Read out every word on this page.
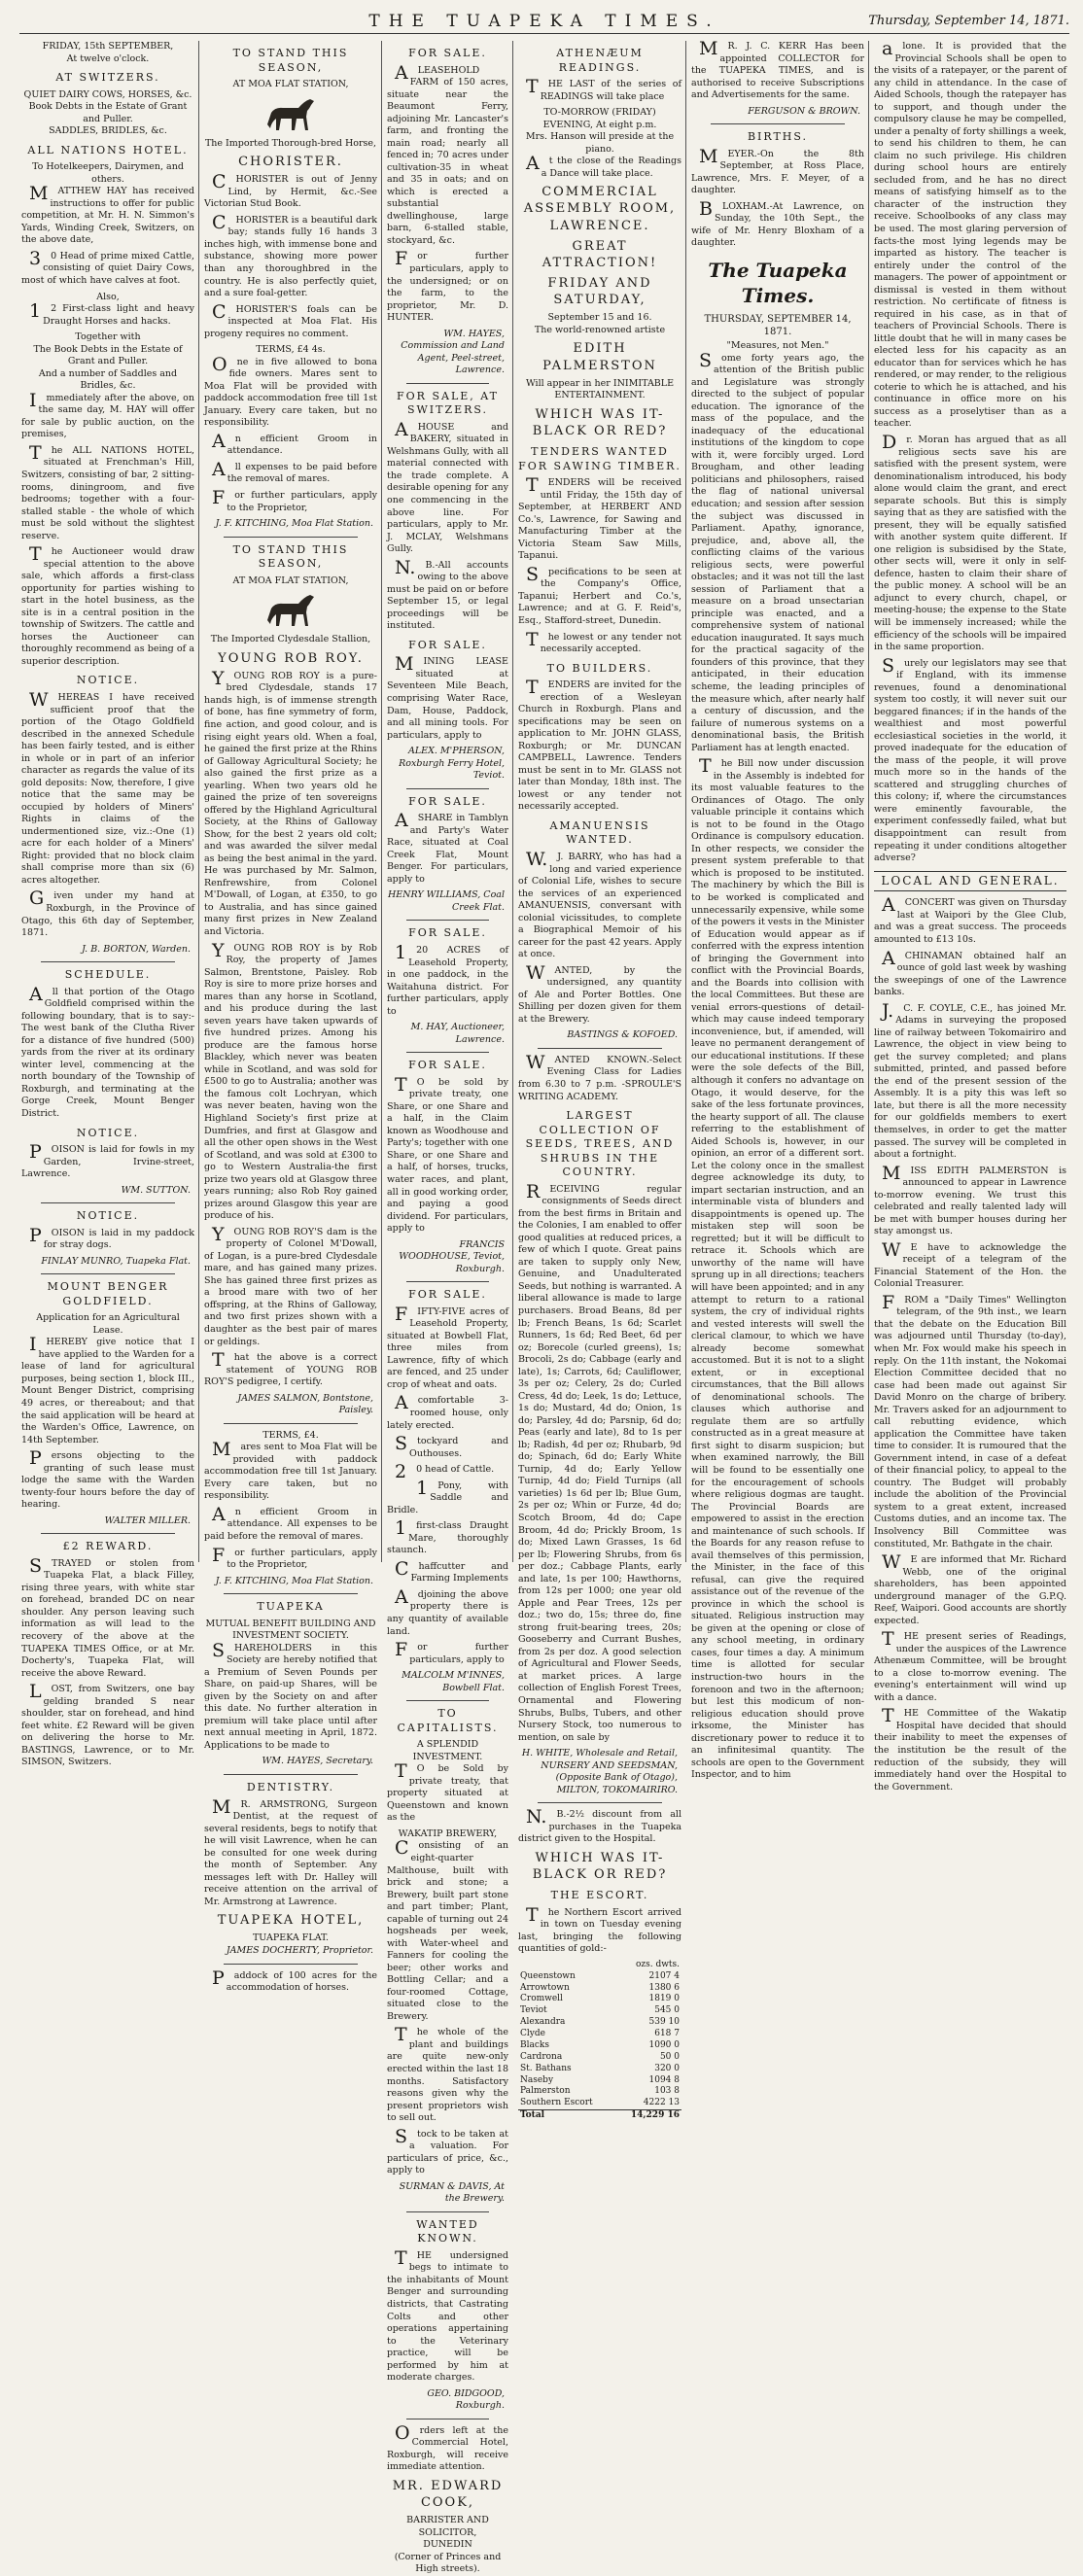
THE TUAPEKA TIMES.	Thursday, September 14, 1871.
FRIDAY, 15th SEPTEMBER,
At twelve o'clock.
AT SWITZERS.
QUIET DAIRY COWS, HORSES, &c.
Book Debts in the Estate of Grant and Puller.
SADDLES, BRIDLES, &c.
ALL NATIONS HOTEL.
To Hotelkeepers, Dairymen, and others.

MATTHEW HAY has received instructions to offer for public competition, at Mr. H. N. Simmon's Yards, Winding Creek, Switzers, on the above date,

30 Head of prime mixed Cattle, consisting of quiet Dairy Cows, most of which have calves at foot.

Also,

12 First-class light and heavy Draught Horses and hacks.

Together with
The Book Debts in the Estate of Grant and Puller.
And a number of Saddles and Bridles, &c.

Immediately after the above, on the same day, M. HAY will offer for sale by public auction, on the premises,

The ALL NATIONS HOTEL, situated at Frenchman's Hill, Switzers, consisting of bar, 2 sitting-rooms, diningroom, and five bedrooms; together with a four-stalled stable - the whole of which must be sold without the slightest reserve.

The Auctioneer would draw special attention to the above sale, which affords a first-class opportunity for parties wishing to start in the hotel business, as the site is in a central position in the township of Switzers. The cattle and horses the Auctioneer can thoroughly recommend as being of a superior description.

NOTICE.

WHEREAS I have received sufficient proof that the portion of the Otago Goldfield described in the annexed Schedule has been fairly tested, and is either in whole or in part of an inferior character as regards the value of its gold deposits: Now, therefore, I give notice that the same may be occupied by holders of Miners' Rights in claims of the undermentioned size, viz.:-One (1) acre for each holder of a Miners' Right: provided that no block claim shall comprise more than six (6) acres altogether.

Given under my hand at Roxburgh, in the Province of Otago, this 6th day of September, 1871.

J. B. BORTON, Warden.
SCHEDULE.

All that portion of the Otago Goldfield comprised within the following boundary, that is to say:-The west bank of the Clutha River for a distance of five hundred (500) yards from the river at its ordinary winter level, commencing at the north boundary of the Township of Roxburgh, and terminating at the Gorge Creek, Mount Benger District.

NOTICE.

POISON is laid for fowls in my Garden, Irvine-street, Lawrence.

WM. SUTTON.
NOTICE.

POISON is laid in my paddock for stray dogs.

FINLAY MUNRO, Tuapeka Flat.
MOUNT BENGER GOLDFIELD.
Application for an Agricultural Lease.

IHEREBY give notice that I have applied to the Warden for a lease of land for agricultural purposes, being section 1, block III., Mount Benger District, comprising 49 acres, or thereabout; and that the said application will be heard at the Warden's Office, Lawrence, on 14th September.

Persons objecting to the granting of such lease must lodge the same with the Warden twenty-four hours before the day of hearing.

WALTER MILLER.
£2 REWARD.

STRAYED or stolen from Tuapeka Flat, a black Filley, rising three years, with white star on forehead, branded DC on near shoulder. Any person leaving such information as will lead to the recovery of the above at the TUAPEKA TIMES Office, or at Mr. Docherty's, Tuapeka Flat, will receive the above Reward.

LOST, from Switzers, one bay gelding branded S near shoulder, star on forehead, and hind feet white. £2 Reward will be given on delivering the horse to Mr. BASTINGS, Lawrence, or to Mr. SIMSON, Switzers.

TO STAND THIS SEASON,
AT MOA FLAT STATION,
The Imported Thorough-bred Horse,
CHORISTER.

CHORISTER is out of Jenny Lind, by Hermit, &c.-See Victorian Stud Book.

CHORISTER is a beautiful dark bay; stands fully 16 hands 3 inches high, with immense bone and substance, showing more power than any thoroughbred in the country. He is also perfectly quiet, and a sure foal-getter.

CHORISTER'S foals can be inspected at Moa Flat. His progeny requires no comment.

TERMS, £4 4s.

One in five allowed to bona fide owners. Mares sent to Moa Flat will be provided with paddock accommodation free till 1st January. Every care taken, but no responsibility.

An efficient Groom in attendance.

All expenses to be paid before the removal of mares.

For further particulars, apply to the Proprietor,

J. F. KITCHING, Moa Flat Station.
TO STAND THIS SEASON,
AT MOA FLAT STATION,
The Imported Clydesdale Stallion,
YOUNG ROB ROY.

YOUNG ROB ROY is a pure-bred Clydesdale, stands 17 hands high, is of immense strength of bone, has fine symmetry of form, fine action, and good colour, and is rising eight years old. When a foal, he gained the first prize at the Rhins of Galloway Agricultural Society; he also gained the first prize as a yearling. When two years old he gained the prize of ten sovereigns offered by the Highland Agricultural Society, at the Rhins of Galloway Show, for the best 2 years old colt; and was awarded the silver medal as being the best animal in the yard. He was purchased by Mr. Salmon, Renfrewshire, from Colonel M'Dowall, of Logan, at £350, to go to Australia, and has since gained many first prizes in New Zealand and Victoria.

YOUNG ROB ROY is by Rob Roy, the property of James Salmon, Brentstone, Paisley. Rob Roy is sire to more prize horses and mares than any horse in Scotland, and his produce during the last seven years have taken upwards of five hundred prizes. Among his produce are the famous horse Blackley, which never was beaten while in Scotland, and was sold for £500 to go to Australia; another was the famous colt Lochryan, which was never beaten, having won the Highland Society's first prize at Dumfries, and first at Glasgow and all the other open shows in the West of Scotland, and was sold at £300 to go to Western Australia-the first prize two years old at Glasgow three years running; also Rob Roy gained prizes around Glasgow this year are produce of his.

YOUNG ROB ROY'S dam is the property of Colonel M'Dowall, of Logan, is a pure-bred Clydesdale mare, and has gained many prizes. She has gained three first prizes as a brood mare with two of her offspring, at the Rhins of Galloway, and two first prizes shown with a daughter as the best pair of mares or geldings.

That the above is a correct statement of YOUNG ROB ROY'S pedigree, I certify.

JAMES SALMON, Bontstone, Paisley.
TERMS, £4.

Mares sent to Moa Flat will be provided with paddock accommodation free till 1st January. Every care taken, but no responsibility.

An efficient Groom in attendance. All expenses to be paid before the removal of mares.

For further particulars, apply to the Proprietor,

J. F. KITCHING, Moa Flat Station.
TUAPEKA
MUTUAL BENEFIT BUILDING AND INVESTMENT SOCIETY.

SHAREHOLDERS in this Society are hereby notified that a Premium of Seven Pounds per Share, on paid-up Shares, will be given by the Society on and after this date. No further alteration in premium will take place until after next annual meeting in April, 1872. Applications to be made to

WM. HAYES, Secretary.
DENTISTRY.

MR. ARMSTRONG, Surgeon Dentist, at the request of several residents, begs to notify that he will visit Lawrence, when he can be consulted for one week during the month of September. Any messages left with Dr. Halley will receive attention on the arrival of Mr. Armstrong at Lawrence.

TUAPEKA HOTEL,
TUAPEKA FLAT.
JAMES DOCHERTY, Proprietor.

Paddock of 100 acres for the accommodation of horses.

FOR SALE.

ALEASEHOLD FARM of 150 acres, situate near the Beaumont Ferry, adjoining Mr. Lancaster's farm, and fronting the main road; nearly all fenced in; 70 acres under cultivation-35 in wheat and 35 in oats; and on which is erected a substantial dwellinghouse, large barn, 6-stalled stable, stockyard, &c.

For further particulars, apply to the undersigned; or on the farm, to the proprietor, Mr. D. HUNTER.

WM. HAYES, Commission and Land Agent, Peel-street, Lawrence.
FOR SALE, AT SWITZERS.

AHOUSE and BAKERY, situated in Welshmans Gully, with all material connected with the trade complete. A desirable opening for any one commencing in the above line. For particulars, apply to Mr. J. MCLAY, Welshmans Gully.

N.B.-All accounts owing to the above must be paid on or before September 15, or legal proceedings will be instituted.

FOR SALE.

MINING LEASE situated at Seventeen Mile Beach, comprising Water Race, Dam, House, Paddock, and all mining tools. For particulars, apply to

ALEX. M'PHERSON, Roxburgh Ferry Hotel, Teviot.
FOR SALE.

ASHARE in Tamblyn and Party's Water Race, situated at Coal Creek Flat, Mount Benger. For particulars, apply to

HENRY WILLIAMS, Coal Creek Flat.
FOR SALE.

120 ACRES of Leasehold Property, in one paddock, in the Waitahuna district. For further particulars, apply to

M. HAY, Auctioneer, Lawrence.
FOR SALE.

TO be sold by private treaty, one Share, or one Share and a half, in the Claim known as Woodhouse and Party's; together with one Share, or one Share and a half, of horses, trucks, water races, and plant, all in good working order, and paying a good dividend. For particulars, apply to

FRANCIS WOODHOUSE, Teviot, Roxburgh.
FOR SALE.

FIFTY-FIVE acres of Leasehold Property, situated at Bowbell Flat, three miles from Lawrence, fifty of which are fenced, and 25 under crop of wheat and oats.

Acomfortable 3-roomed house, only lately erected.

Stockyard and Outhouses.

20 head of Cattle.

1Pony, with Saddle and Bridle.

1first-class Draught Mare, thoroughly staunch.

Chaffcutter and Farming Implements

Adjoining the above property there is any quantity of available land.

For further particulars, apply to

MALCOLM M'INNES, Bowbell Flat.
TO CAPITALISTS.
A SPLENDID INVESTMENT.

TO be Sold by private treaty, that property situated at Queenstown and known as the

WAKATIP BREWERY,

Consisting of an eight-quarter Malthouse, built with brick and stone; a Brewery, built part stone and part timber; Plant, capable of turning out 24 hogsheads per week, with Water-wheel and Fanners for cooling the beer; other works and Bottling Cellar; and a four-roomed Cottage, situated close to the Brewery.

The whole of the plant and buildings are quite new-only erected within the last 18 months. Satisfactory reasons given why the present proprietors wish to sell out.

Stock to be taken at a valuation. For particulars of price, &c., apply to

SURMAN & DAVIS, At the Brewery.
WANTED KNOWN.

THE undersigned begs to intimate to the inhabitants of Mount Benger and surrounding districts, that Castrating Colts and other operations appertaining to the Veterinary practice, will be performed by him at moderate charges.

GEO. BIDGOOD, Roxburgh.

Orders left at the Commercial Hotel, Roxburgh, will receive immediate attention.

MR. EDWARD COOK,
BARRISTER AND SOLICITOR,
DUNEDIN
(Corner of Princes and High streets).
ATHENÆUM READINGS.

THE LAST of the series of READINGS will take place

TO-MORROW (FRIDAY) EVENING, At eight p.m.
Mrs. Hanson will preside at the piano.

At the close of the Readings a Dance will take place.

COMMERCIAL ASSEMBLY ROOM, LAWRENCE.
GREAT ATTRACTION!
FRIDAY AND SATURDAY,
September 15 and 16.
The world-renowned artiste
EDITH PALMERSTON
Will appear in her INIMITABLE ENTERTAINMENT.
WHICH WAS IT-BLACK OR RED?
TENDERS WANTED FOR SAWING TIMBER.

TENDERS will be received until Friday, the 15th day of September, at HERBERT AND Co.'s, Lawrence, for Sawing and Manufacturing Timber at the Victoria Steam Saw Mills, Tapanui.

Specifications to be seen at the Company's Office, Tapanui; Herbert and Co.'s, Lawrence; and at G. F. Reid's, Esq., Stafford-street, Dunedin.

The lowest or any tender not necessarily accepted.

TO BUILDERS.

TENDERS are invited for the erection of a Wesleyan Church in Roxburgh. Plans and specifications may be seen on application to Mr. JOHN GLASS, Roxburgh; or Mr. DUNCAN CAMPBELL, Lawrence. Tenders must be sent in to Mr. GLASS not later than Monday, 18th inst. The lowest or any tender not necessarily accepted.

AMANUENSIS WANTED.

W.J. BARRY, who has had a long and varied experience of Colonial Life, wishes to secure the services of an experienced AMANUENSIS, conversant with colonial vicissitudes, to complete a Biographical Memoir of his career for the past 42 years. Apply at once.

WANTED, by the undersigned, any quantity of Ale and Porter Bottles. One Shilling per dozen given for them at the Brewery.

BASTINGS & KOFOED.

WANTED KNOWN.-Select Evening Class for Ladies from 6.30 to 7 p.m. -SPROULE'S WRITING ACADEMY.

LARGEST COLLECTION OF SEEDS, TREES, AND SHRUBS IN THE COUNTRY.

RECEIVING regular consignments of Seeds direct from the best firms in Britain and the Colonies, I am enabled to offer good qualities at reduced prices, a few of which I quote. Great pains are taken to supply only New, Genuine, and Unadulterated Seeds, but nothing is warranted. A liberal allowance is made to large purchasers. Broad Beans, 8d per lb; French Beans, 1s 6d; Scarlet Runners, 1s 6d; Red Beet, 6d per oz; Borecole (curled greens), 1s; Brocoli, 2s do; Cabbage (early and late), 1s; Carrots, 6d; Cauliflower, 3s per oz; Celery, 2s do; Curled Cress, 4d do; Leek, 1s do; Lettuce, 1s do; Mustard, 4d do; Onion, 1s do; Parsley, 4d do; Parsnip, 6d do; Peas (early and late), 8d to 1s per lb; Radish, 4d per oz; Rhubarb, 9d do; Spinach, 6d do; Early White Turnip, 4d do; Early Yellow Turnip, 4d do; Field Turnips (all varieties) 1s 6d per lb; Blue Gum, 2s per oz; Whin or Furze, 4d do; Scotch Broom, 4d do; Cape Broom, 4d do; Prickly Broom, 1s do; Mixed Lawn Grasses, 1s 6d per lb; Flowering Shrubs, from 6s per doz.; Cabbage Plants, early and late, 1s per 100; Hawthorns, from 12s per 1000; one year old Apple and Pear Trees, 12s per doz.; two do, 15s; three do, fine strong fruit-bearing trees, 20s; Gooseberry and Currant Bushes, from 2s per doz. A good selection of Agricultural and Flower Seeds, at market prices. A large collection of English Forest Trees, Ornamental and Flowering Shrubs, Bulbs, Tubers, and other Nursery Stock, too numerous to mention, on sale by

H. WHITE, Wholesale and Retail, NURSERY AND SEEDSMAN, (Opposite Bank of Otago), MILTON, TOKOMAIRIRO.

N.B.-2½ discount from all purchases in the Tuapeka district given to the Hospital.

WHICH WAS IT-BLACK OR RED?
THE ESCORT.

The Northern Escort arrived in town on Tuesday evening last, bringing the following quantities of gold:-

	ozs. dwts.
Queenstown	2107 4
Arrowtown	1380 6
Cromwell	1819 0
Teviot	545 0
Alexandra	539 10
Clyde	618 7
Blacks	1090 0
Cardrona	50 0
St. Bathans	320 0
Naseby	1094 8
Palmerston	103 8
Southern Escort	4222 13
Total	14,229 16

MR. J. C. KERR Has been appointed COLLECTOR for the TUAPEKA TIMES, and is authorised to receive Subscriptions and Advertisements for the same.

FERGUSON & BROWN.
BIRTHS.

MEYER.-On the 8th September, at Ross Place, Lawrence, Mrs. F. Meyer, of a daughter.

BLOXHAM.-At Lawrence, on Sunday, the 10th Sept., the wife of Mr. Henry Bloxham of a daughter.

The Tuapeka Times.
THURSDAY, SEPTEMBER 14, 1871.
"Measures, not Men."

Some forty years ago, the attention of the British public and Legislature was strongly directed to the subject of popular education. The ignorance of the mass of the populace, and the inadequacy of the educational institutions of the kingdom to cope with it, were forcibly urged. Lord Brougham, and other leading politicians and philosophers, raised the flag of national universal education; and session after session the subject was discussed in Parliament. Apathy, ignorance, prejudice, and, above all, the conflicting claims of the various religious sects, were powerful obstacles; and it was not till the last session of Parliament that a measure on a broad unsectarian principle was enacted, and a comprehensive system of national education inaugurated. It says much for the practical sagacity of the founders of this province, that they anticipated, in their education scheme, the leading principles of the measure which, after nearly half a century of discussion, and the failure of numerous systems on a denominational basis, the British Parliament has at length enacted.

The Bill now under discussion in the Assembly is indebted for its most valuable features to the Ordinances of Otago. The only valuable principle it contains which is not to be found in the Otago Ordinance is compulsory education. In other respects, we consider the present system preferable to that which is proposed to be instituted. The machinery by which the Bill is to be worked is complicated and unnecessarily expensive, while some of the powers it vests in the Minister of Education would appear as if conferred with the express intention of bringing the Government into conflict with the Provincial Boards, and the Boards into collision with the local Committees. But these are venial errors-questions of detail-which may cause indeed temporary inconvenience, but, if amended, will leave no permanent derangement of our educational institutions. If these were the sole defects of the Bill, although it confers no advantage on Otago, it would deserve, for the sake of the less fortunate provinces, the hearty support of all. The clause referring to the establishment of Aided Schools is, however, in our opinion, an error of a different sort. Let the colony once in the smallest degree acknowledge its duty, to impart sectarian instruction, and an interminable vista of blunders and disappointments is opened up. The mistaken step will soon be regretted; but it will be difficult to retrace it. Schools which are unworthy of the name will have sprung up in all directions; teachers will have been appointed; and in any attempt to return to a rational system, the cry of individual rights and vested interests will swell the clerical clamour, to which we have already become somewhat accustomed. But it is not to a slight extent, or in exceptional circumstances, that the Bill allows of denominational schools. The clauses which authorise and regulate them are so artfully constructed as in a great measure at first sight to disarm suspicion; but when examined narrowly, the Bill will be found to be essentially one for the encouragement of schools where religious dogmas are taught. The Provincial Boards are empowered to assist in the erection and maintenance of such schools. If the Boards for any reason refuse to avail themselves of this permission, the Minister, in the face of this refusal, can give the required assistance out of the revenue of the province in which the school is situated. Religious instruction may be given at the opening or close of any school meeting, in ordinary cases, four times a day. A minimum time is allotted for secular instruction-two hours in the forenoon and two in the afternoon; but lest this modicum of non-religious education should prove irksome, the Minister has discretionary power to reduce it to an infinitesimal quantity. The schools are open to the Government Inspector, and to him

alone. It is provided that the Provincial Schools shall be open to the visits of a ratepayer, or the parent of any child in attendance. In the case of Aided Schools, though the ratepayer has to support, and though under the compulsory clause he may be compelled, under a penalty of forty shillings a week, to send his children to them, he can claim no such privilege. His children during school hours are entirely secluded from, and he has no direct means of satisfying himself as to the character of the instruction they receive. Schoolbooks of any class may be used. The most glaring perversion of facts-the most lying legends may be imparted as history. The teacher is entirely under the control of the managers. The power of appointment or dismissal is vested in them without restriction. No certificate of fitness is required in his case, as in that of teachers of Provincial Schools. There is little doubt that he will in many cases be elected less for his capacity as an educator than for services which he has rendered, or may render, to the religious coterie to which he is attached, and his continuance in office more on his success as a proselytiser than as a teacher.

Dr. Moran has argued that as all religious sects save his are satisfied with the present system, were denominationalism introduced, his body alone would claim the grant, and erect separate schools. But this is simply saying that as they are satisfied with the present, they will be equally satisfied with another system quite different. If one religion is subsidised by the State, other sects will, were it only in self-defence, hasten to claim their share of the public money. A school will be an adjunct to every church, chapel, or meeting-house; the expense to the State will be immensely increased; while the efficiency of the schools will be impaired in the same proportion.

Surely our legislators may see that if England, with its immense revenues, found a denominational system too costly, it will never suit our beggared finances; if in the hands of the wealthiest and most powerful ecclesiastical societies in the world, it proved inadequate for the education of the mass of the people, it will prove much more so in the hands of the scattered and struggling churches of this colony; if, where the circumstances were eminently favourable, the experiment confessedly failed, what but disappointment can result from repeating it under conditions altogether adverse?

LOCAL AND GENERAL.

ACONCERT was given on Thursday last at Waipori by the Glee Club, and was a great success. The proceeds amounted to £13 10s.

ACHINAMAN obtained half an ounce of gold last week by washing the sweepings of one of the Lawrence banks.

J.C. F. COYLE, C.E., has joined Mr. Adams in surveying the proposed line of railway between Tokomairiro and Lawrence, the object in view being to get the survey completed; and plans submitted, printed, and passed before the end of the present session of the Assembly. It is a pity this was left so late, but there is all the more necessity for our goldfields members to exert themselves, in order to get the matter passed. The survey will be completed in about a fortnight.

MISS EDITH PALMERSTON is announced to appear in Lawrence to-morrow evening. We trust this celebrated and really talented lady will be met with bumper houses during her stay amongst us.

WE have to acknowledge the receipt of a telegram of the Financial Statement of the Hon. the Colonial Treasurer.

FROM a "Daily Times" Wellington telegram, of the 9th inst., we learn that the debate on the Education Bill was adjourned until Thursday (to-day), when Mr. Fox would make his speech in reply. On the 11th instant, the Nokomai Election Committee decided that no case had been made out against Sir David Monro on the charge of bribery. Mr. Travers asked for an adjournment to call rebutting evidence, which application the Committee have taken time to consider. It is rumoured that the Government intend, in case of a defeat of their financial policy, to appeal to the country. The Budget will probably include the abolition of the Provincial system to a great extent, increased Customs duties, and an income tax. The Insolvency Bill Committee was constituted, Mr. Bathgate in the chair.

WE are informed that Mr. Richard Webb, one of the original shareholders, has been appointed underground manager of the G.P.Q. Reef, Waipori. Good accounts are shortly expected.

THE present series of Readings, under the auspices of the Lawrence Athenæum Committee, will be brought to a close to-morrow evening. The evening's entertainment will wind up with a dance.

THE Committee of the Wakatip Hospital have decided that should their inability to meet the expenses of the institution be the result of the reduction of the subsidy, they will immediately hand over the Hospital to the Government.
